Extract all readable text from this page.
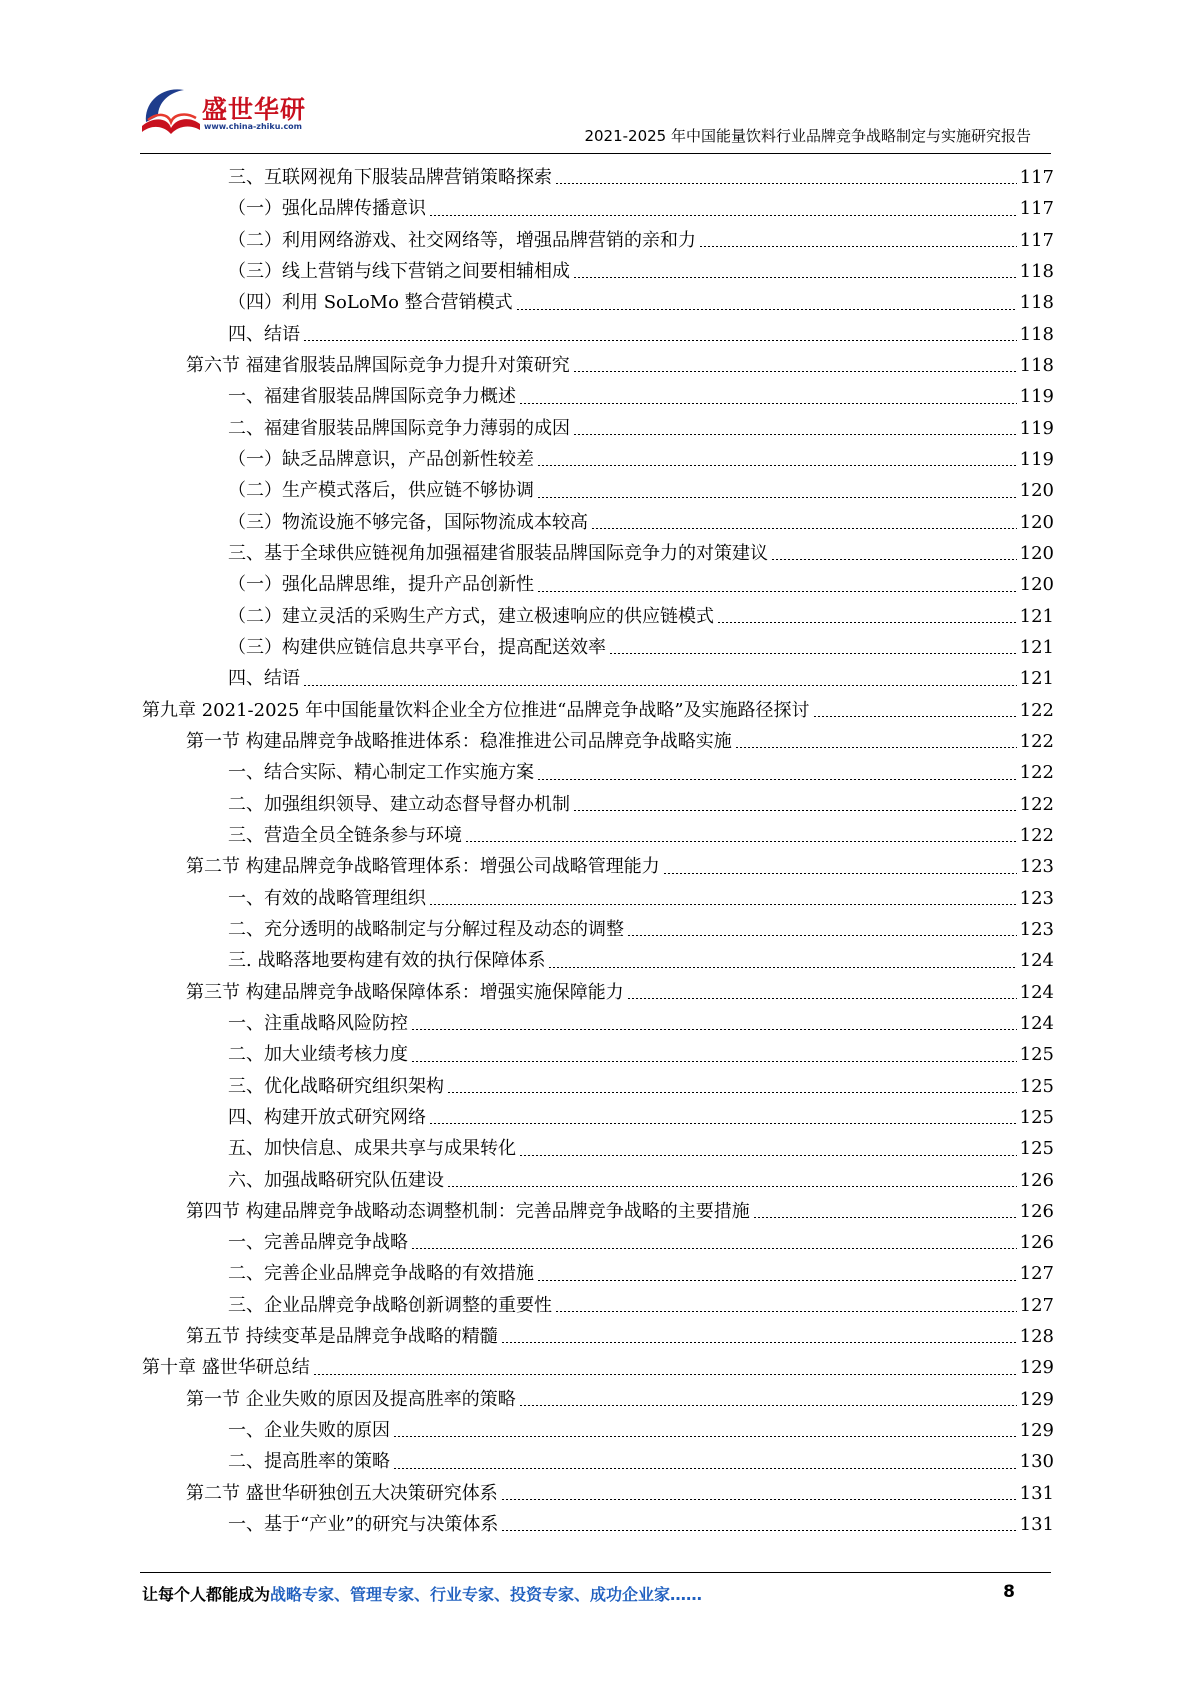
盛世华研
www.china-zhiku.com
2021-2025 年中国能量饮料行业品牌竞争战略制定与实施研究报告
三、互联网视角下服装品牌营销策略探索	117
（一）强化品牌传播意识	117
（二）利用网络游戏、社交网络等，增强品牌营销的亲和力	117
（三）线上营销与线下营销之间要相辅相成	118
（四）利用 SoLoMo 整合营销模式	118
四、结语	118
第六节 福建省服装品牌国际竞争力提升对策研究	118
一、福建省服装品牌国际竞争力概述	119
二、福建省服装品牌国际竞争力薄弱的成因	119
（一）缺乏品牌意识，产品创新性较差	119
（二）生产模式落后，供应链不够协调	120
（三）物流设施不够完备，国际物流成本较高	120
三、基于全球供应链视角加强福建省服装品牌国际竞争力的对策建议	120
（一）强化品牌思维，提升产品创新性	120
（二）建立灵活的采购生产方式，建立极速响应的供应链模式	121
（三）构建供应链信息共享平台，提高配送效率	121
四、结语	121
第九章 2021-2025 年中国能量饮料企业全方位推进“品牌竞争战略”及实施路径探讨	122
第一节 构建品牌竞争战略推进体系：稳准推进公司品牌竞争战略实施	122
一、结合实际、精心制定工作实施方案	122
二、加强组织领导、建立动态督导督办机制	122
三、营造全员全链条参与环境	122
第二节 构建品牌竞争战略管理体系：增强公司战略管理能力	123
一、有效的战略管理组织	123
二、充分透明的战略制定与分解过程及动态的调整	123
三. 战略落地要构建有效的执行保障体系	124
第三节 构建品牌竞争战略保障体系：增强实施保障能力	124
一、注重战略风险防控	124
二、加大业绩考核力度	125
三、优化战略研究组织架构	125
四、构建开放式研究网络	125
五、加快信息、成果共享与成果转化	125
六、加强战略研究队伍建设	126
第四节 构建品牌竞争战略动态调整机制：完善品牌竞争战略的主要措施	126
一、完善品牌竞争战略	126
二、完善企业品牌竞争战略的有效措施	127
三、企业品牌竞争战略创新调整的重要性	127
第五节 持续变革是品牌竞争战略的精髓	128
第十章 盛世华研总结	129
第一节 企业失败的原因及提高胜率的策略	129
一、企业失败的原因	129
二、提高胜率的策略	130
第二节 盛世华研独创五大决策研究体系	131
一、基于“产业”的研究与决策体系	131
让每个人都能成为战略专家、管理专家、行业专家、投资专家、成功企业家……	8
